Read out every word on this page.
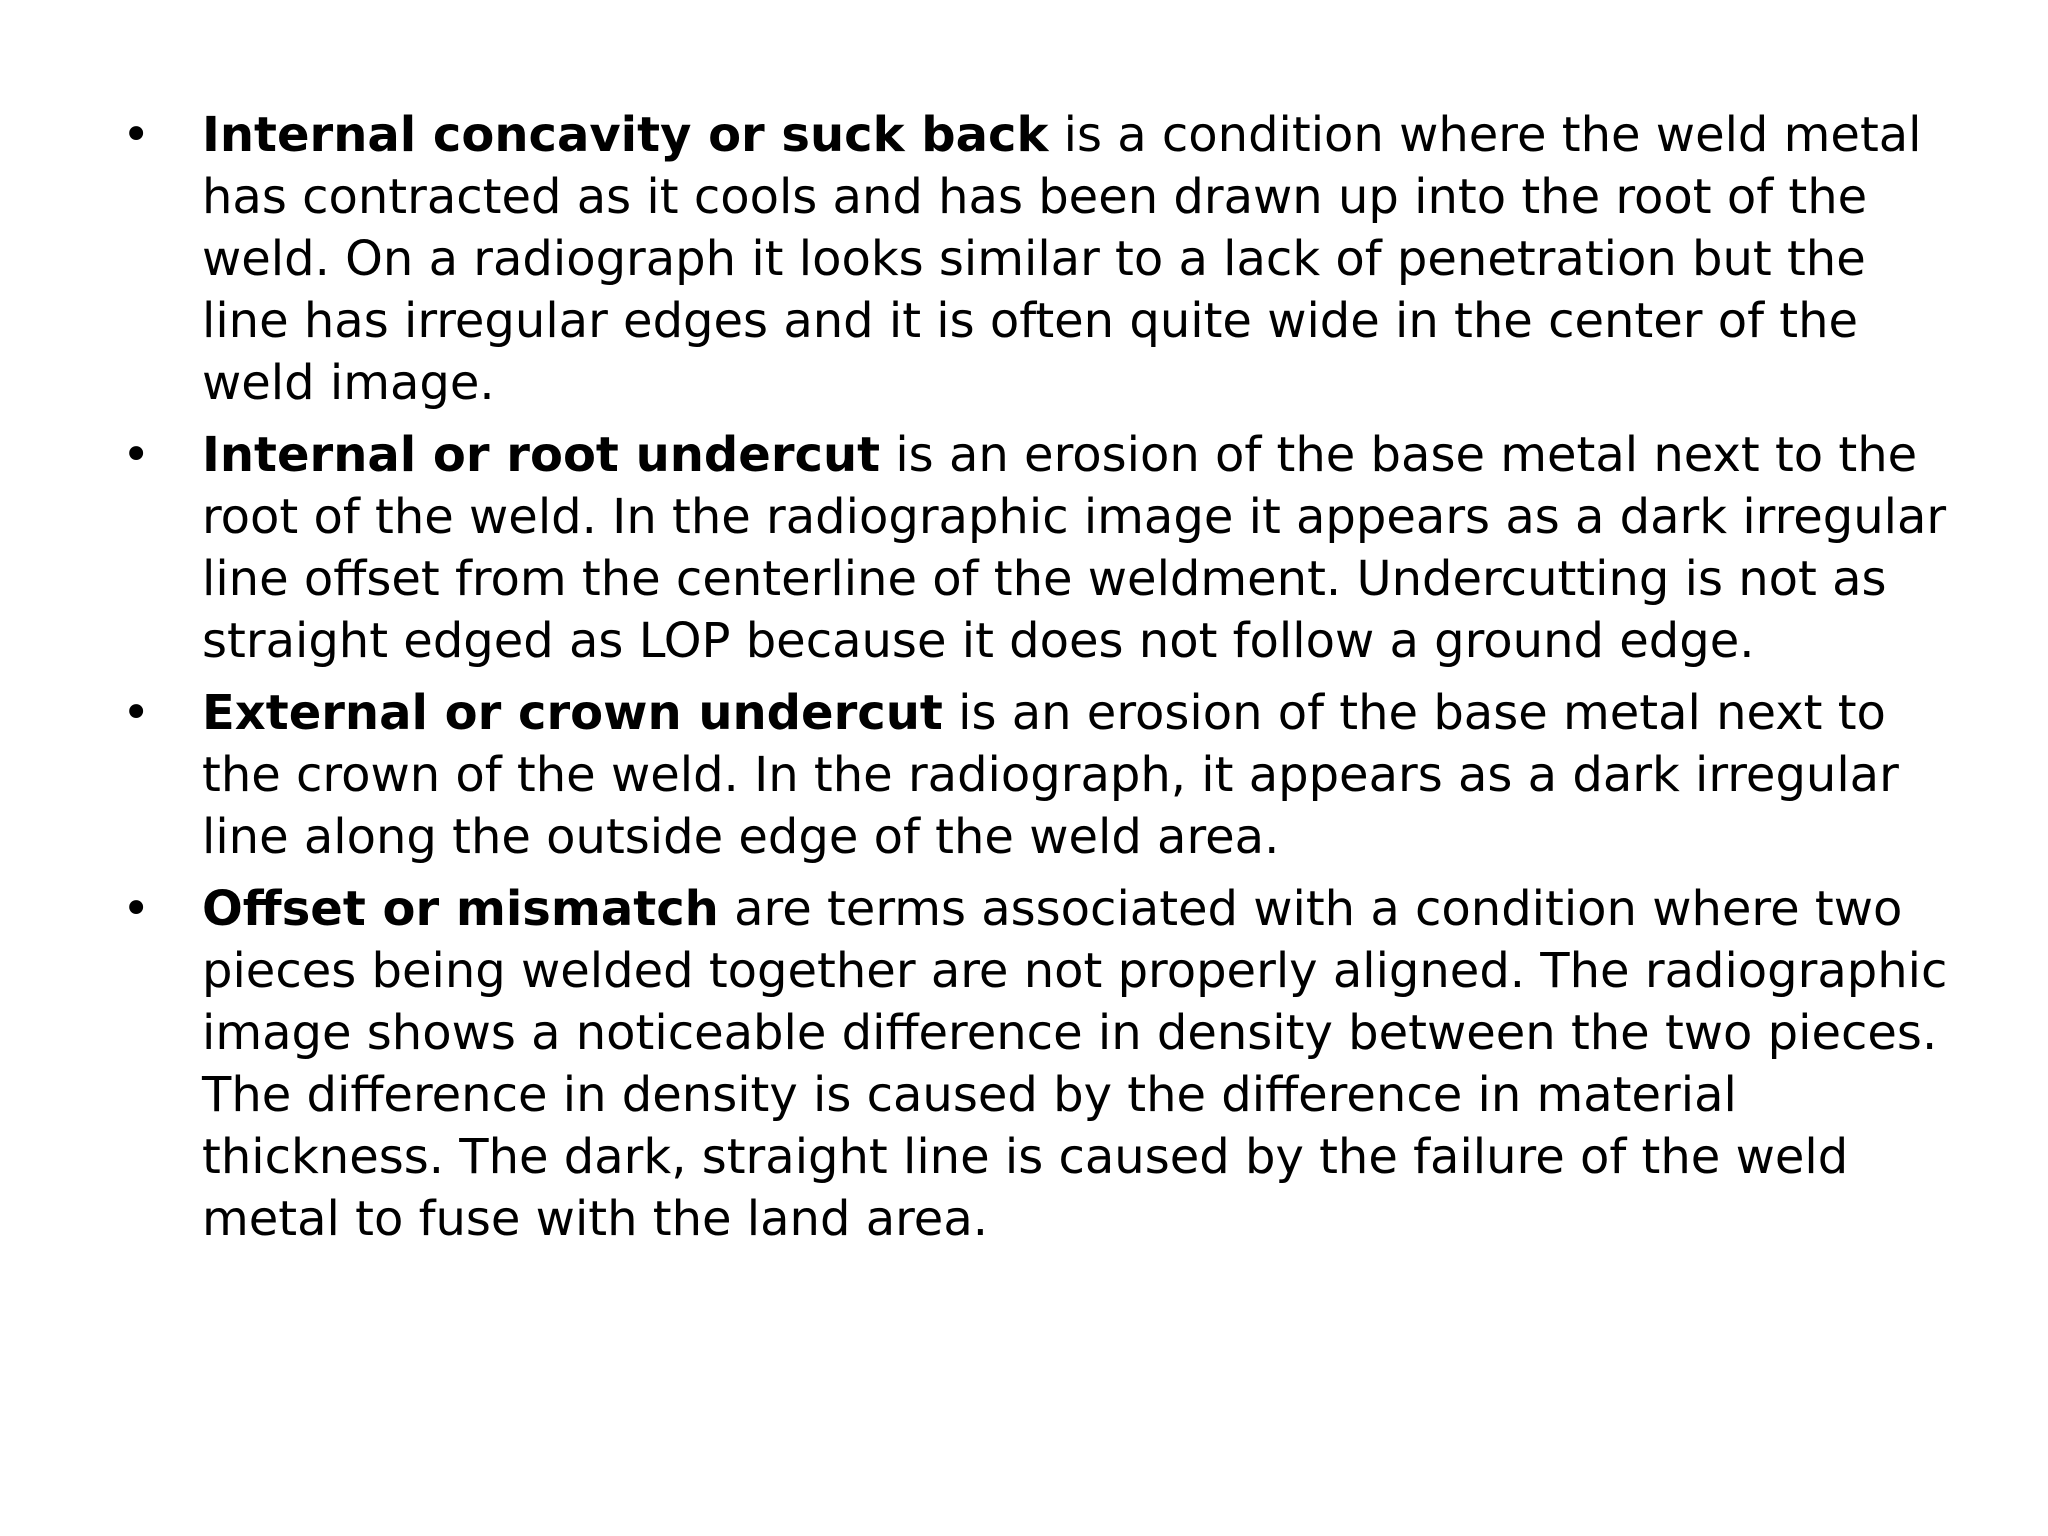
• Internal concavity or suck back is a condition where the weld metal has contracted as it cools and has been drawn up into the root of the weld. On a radiograph it looks similar to a lack of penetration but the line has irregular edges and it is often quite wide in the center of the weld image.
• Internal or root undercut is an erosion of the base metal next to the root of the weld. In the radiographic image it appears as a dark irregular line offset from the centerline of the weldment. Undercutting is not as straight edged as LOP because it does not follow a ground edge.
• External or crown undercut is an erosion of the base metal next to the crown of the weld. In the radiograph, it appears as a dark irregular line along the outside edge of the weld area.
• Offset or mismatch are terms associated with a condition where two pieces being welded together are not properly aligned. The radiographic image shows a noticeable difference in density between the two pieces. The difference in density is caused by the difference in material thickness. The dark, straight line is caused by the failure of the weld metal to fuse with the land area.
